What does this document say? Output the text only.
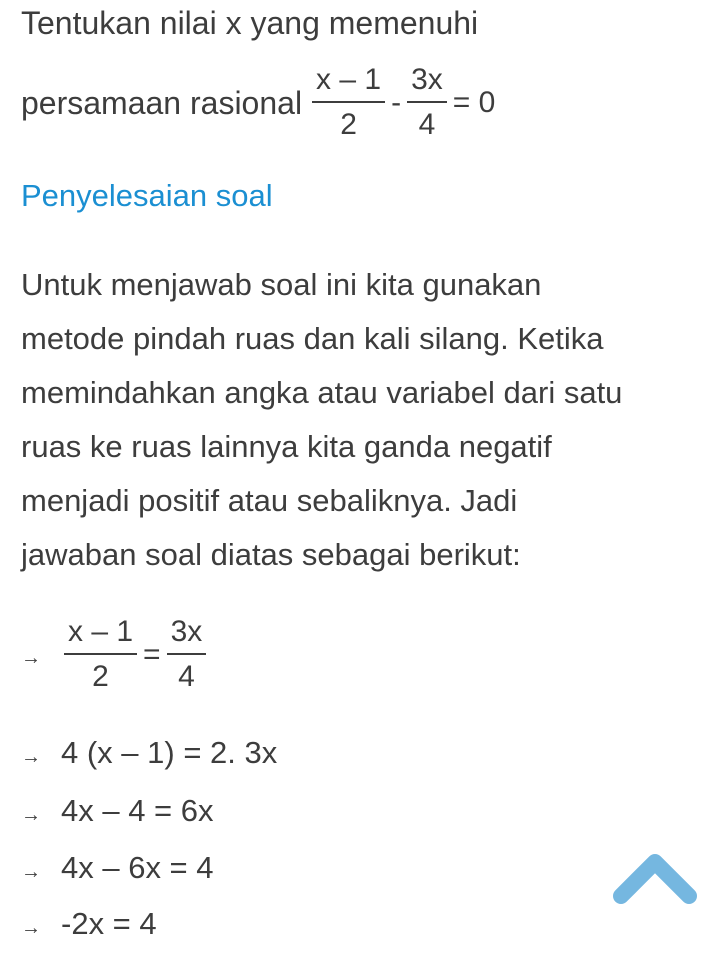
Tentukan nilai x yang memenuhi
persamaan rasional $\frac{x - 1}{2} - \frac{3x}{4} = 0$
Penyelesaian soal
Untuk menjawab soal ini kita gunakan
metode pindah ruas dan kali silang. Ketika
memindahkan angka atau variabel dari satu
ruas ke ruas lainnya kita ganda negatif
menjadi positif atau sebaliknya. Jadi
jawaban soal diatas sebagai berikut:
→ $\frac{x - 1}{2} = \frac{3x}{4}$
→ 4 (x – 1) = 2. 3x
→ 4x – 4 = 6x
→ 4x – 6x = 4
→ -2x = 4
